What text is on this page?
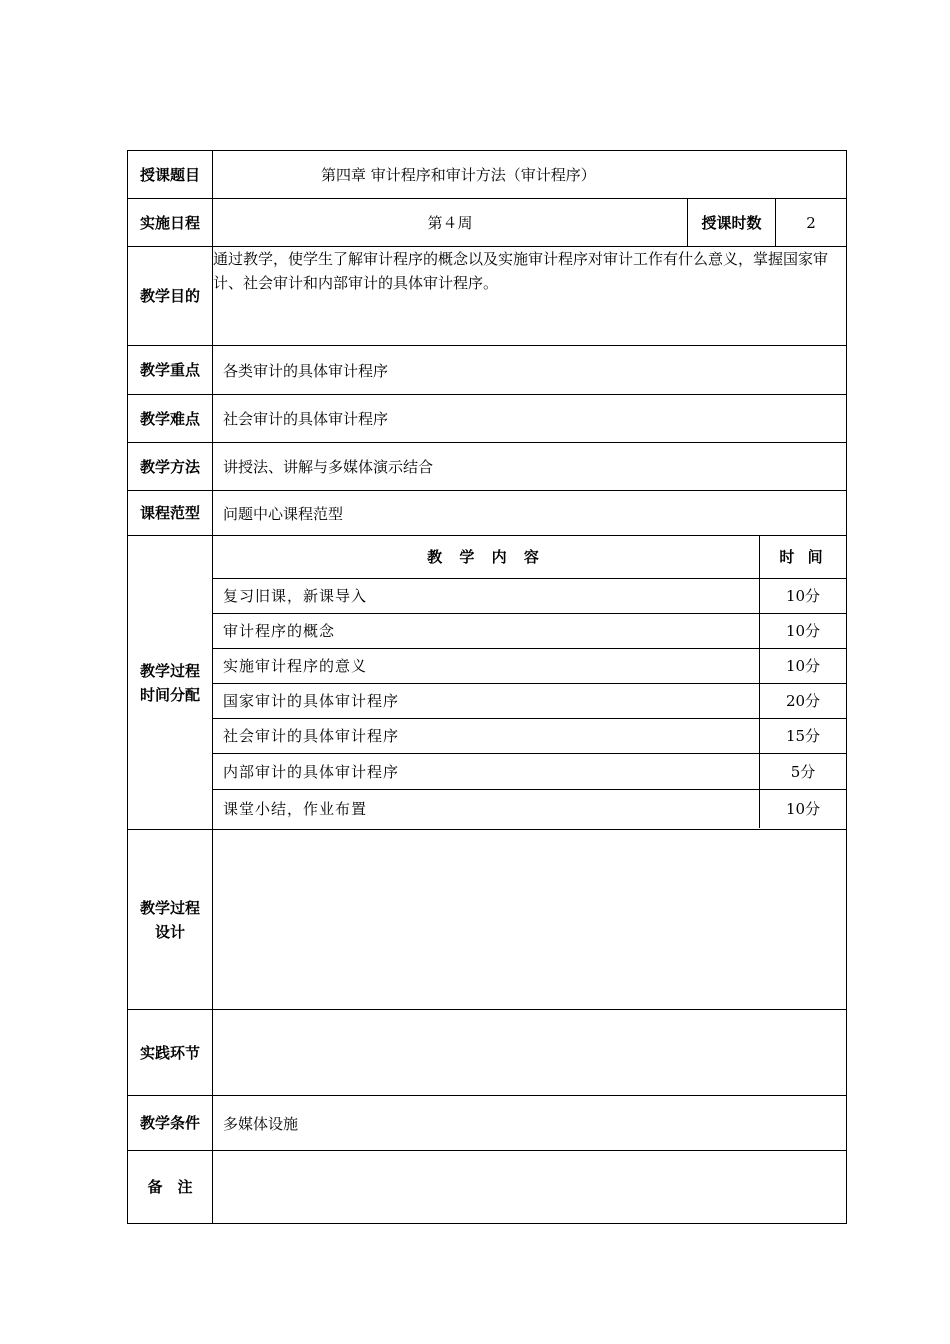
授课题目	第四章 审计程序和审计方法（审计程序）
实施日程	第４周	授课时数	2
教学目的	通过教学，使学生了解审计程序的概念以及实施审计程序对审计工作有什么意义，掌握国家审计、社会审计和内部审计的具体审计程序。
教学重点	各类审计的具体审计程序
教学难点	社会审计的具体审计程序
教学方法	讲授法、讲解与多媒体演示结合
课程范型	问题中心课程范型

教学过程
时间分配

教 学 内 容	时 间
复习旧课，新课导入	10分
审计程序的概念	10分
实施审计程序的意义	10分
国家审计的具体审计程序	20分
社会审计的具体审计程序	15分
内部审计的具体审计程序	5分
课堂小结，作业布置	10分

教学过程
设计

实践环节	
教学条件	多媒体设施
备　注	
